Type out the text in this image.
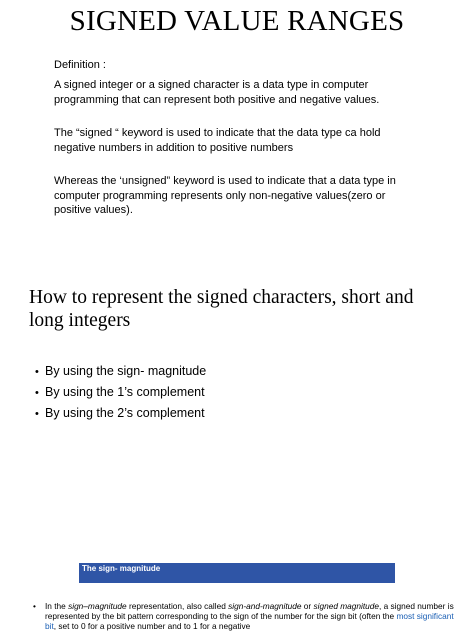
SIGNED VALUE RANGES
Definition :
A signed integer or a signed character is a data type in computer programming that can represent both positive and negative values.
The “signed “ keyword is used to indicate that the data type ca hold negative numbers in addition to positive numbers
Whereas the ‘unsigned” keyword is used to indicate that a data type in computer programming represents only non-negative values(zero or positive values).
How to represent the signed characters, short and long integers
• By using the sign- magnitude
• By using the 1’s complement
• By using the 2’s complement
The sign- magnitude
•	In the sign–magnitude representation, also called sign-and-magnitude or signed magnitude, a signed number is represented by the bit pattern corresponding to the sign of the number for the sign bit (often the most significant bit, set to 0 for a positive number and to 1 for a negative
